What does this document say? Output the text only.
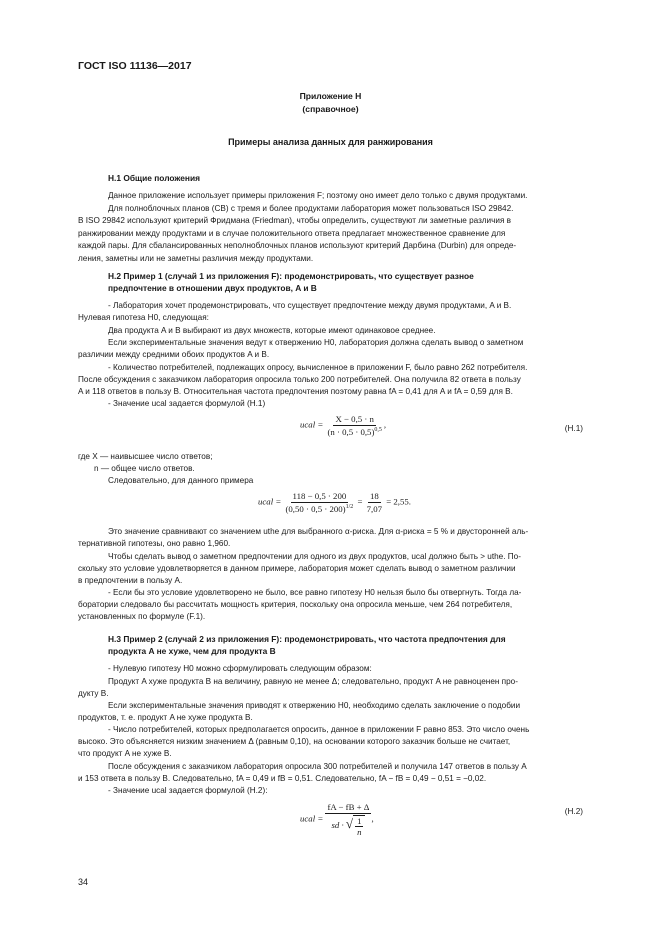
ГОСТ ISO 11136—2017
Приложение Н
(справочное)
Примеры анализа данных для ранжирования
Н.1 Общие положения
Данное приложение использует примеры приложения F; поэтому оно имеет дело только с двумя продуктами.
Для полноблочных планов (CB) с тремя и более продуктами лаборатория может пользоваться ISO 29842.
В ISO 29842 используют критерий Фридмана (Friedman), чтобы определить, существуют ли заметные различия в
ранжировании между продуктами и в случае положительного ответа предлагает множественное сравнение для
каждой пары. Для сбалансированных неполноблочных планов используют критерий Дарбина (Durbin) для опреде-
ления, заметны или не заметны различия между продуктами.
Н.2 Пример 1 (случай 1 из приложения F): продемонстрировать, что существует разное
предпочтение в отношении двух продуктов, A и B
- Лаборатория хочет продемонстрировать, что существует предпочтение между двумя продуктами, A и B.
Нулевая гипотеза H0, следующая:
Два продукта A и B выбирают из двух множеств, которые имеют одинаковое среднее.
Если экспериментальные значения ведут к отвержению H0, лаборатория должна сделать вывод о заметном
различии между средними обоих продуктов A и B.
- Количество потребителей, подлежащих опросу, вычисленное в приложении F, было равно 262 потребителя.
После обсуждения с заказчиком лаборатория опросила только 200 потребителей. Она получила 82 ответа в пользу
A и 118 ответов в пользу B. Относительная частота предпочтения поэтому равна fA = 0,41 для A и fA = 0,59 для B.
- Значение ucal задается формулой (Н.1)
ucal = $\frac{X - 0,5 \cdot n}{(n \cdot 0,5 \cdot 0,5)^{0,5}}$ ,	(Н.1)
где X — наивысшее число ответов;
n — общее число ответов.
Следовательно, для данного примера
ucal = $\frac{118 - 0,5 \cdot 200}{(0,50 \cdot 0,5 \cdot 200)^{1/2}} = \frac{18}{7,07} = 2,55$.
Это значение сравнивают со значением uthe для выбранного α-риска. Для α-риска = 5 % и двусторонней аль-
тернативной гипотезы, оно равно 1,960.
Чтобы сделать вывод о заметном предпочтении для одного из двух продуктов, ucal должно быть > uthe. По-
скольку это условие удовлетворяется в данном примере, лаборатория может сделать вывод о заметном различии
в предпочтении в пользу A.
- Если бы это условие удовлетворено не было, все равно гипотезу H0 нельзя было бы отвергнуть. Тогда ла-
боратории следовало бы рассчитать мощность критерия, поскольку она опросила меньше, чем 264 потребителя,
установленных по формуле (F.1).
Н.3 Пример 2 (случай 2 из приложения F): продемонстрировать, что частота предпочтения для
продукта A не хуже, чем для продукта B
- Нулевую гипотезу H0 можно сформулировать следующим образом:
Продукт A хуже продукта B на величину, равную не менее Δ; следовательно, продукт A не равноценен про-
дукту B.
Если экспериментальные значения приводят к отвержению H0, необходимо сделать заключение о подобии
продуктов, т. е. продукт A не хуже продукта B.
- Число потребителей, которых предполагается опросить, данное в приложении F равно 853. Это число очень
высоко. Это объясняется низким значением Δ (равным 0,10), на основании которого заказчик больше не считает,
что продукт A не хуже B.
После обсуждения с заказчиком лаборатория опросила 300 потребителей и получила 147 ответов в пользу A
и 153 ответа в пользу B. Следовательно, fA = 0,49 и fB = 0,51. Следовательно, fA − fB = 0,49 − 0,51 = −0,02.
- Значение ucal задается формулой (Н.2):
ucal = $\frac{fA - fB + \Delta}{sd \cdot √ \frac{1}{n}}$ ,
(Н.2)
34
